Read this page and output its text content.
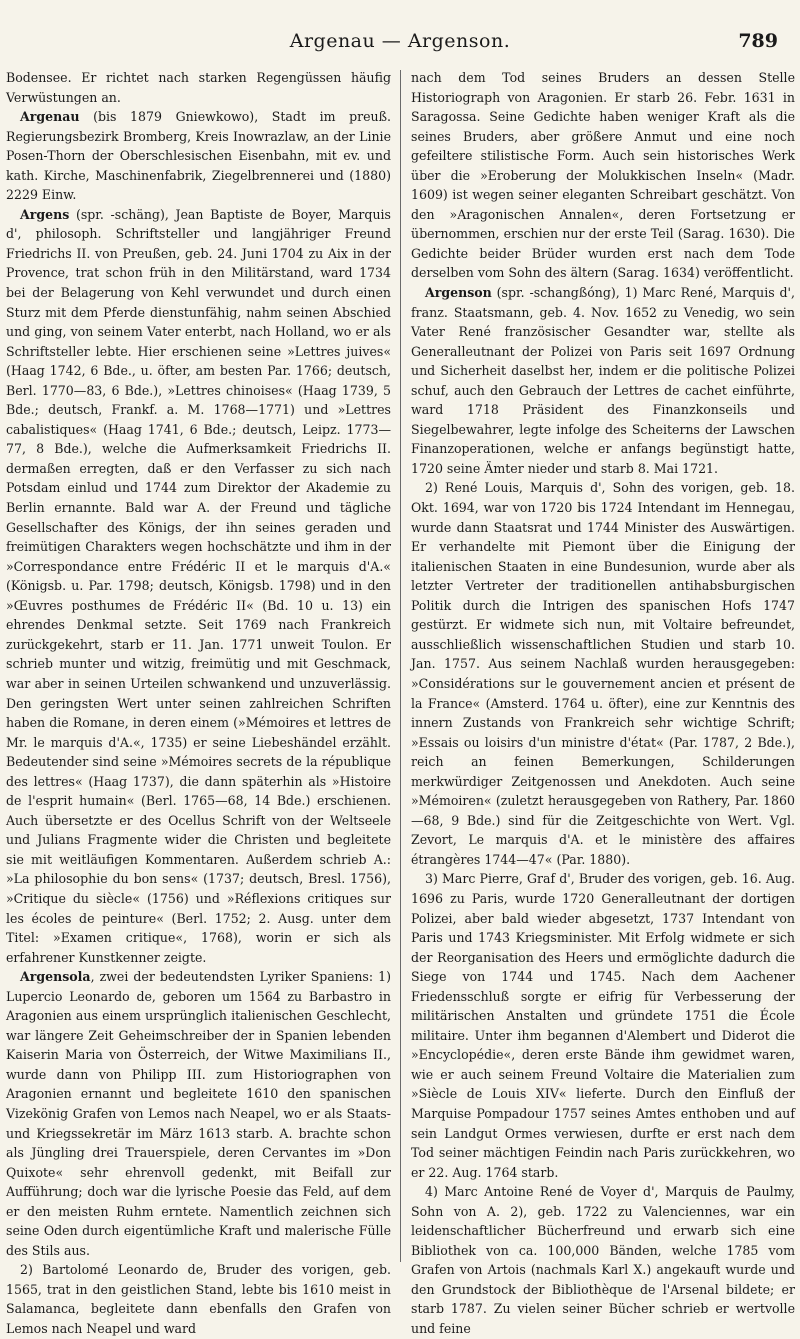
Argenau — Argenson.	789

Bodensee. Er richtet nach starken Regengüssen häufig Verwüstungen an.

Argenau (bis 1879 Gniewkowo), Stadt im preuß. Regierungsbezirk Bromberg, Kreis Inowrazlaw, an der Linie Posen-Thorn der Oberschlesischen Eisenbahn, mit ev. und kath. Kirche, Maschinenfabrik, Ziegelbrennerei und (1880) 2229 Einw.

Argens (spr. -schäng), Jean Baptiste de Boyer, Marquis d', philosoph. Schriftsteller und langjähriger Freund Friedrichs II. von Preußen, geb. 24. Juni 1704 zu Aix in der Provence, trat schon früh in den Militärstand, ward 1734 bei der Belagerung von Kehl verwundet und durch einen Sturz mit dem Pferde dienstunfähig, nahm seinen Abschied und ging, von seinem Vater enterbt, nach Holland, wo er als Schriftsteller lebte. Hier erschienen seine »Lettres juives« (Haag 1742, 6 Bde., u. öfter, am besten Par. 1766; deutsch, Berl. 1770—83, 6 Bde.), »Lettres chinoises« (Haag 1739, 5 Bde.; deutsch, Frankf. a. M. 1768—1771) und »Lettres cabalistiques« (Haag 1741, 6 Bde.; deutsch, Leipz. 1773—77, 8 Bde.), welche die Aufmerksamkeit Friedrichs II. dermaßen erregten, daß er den Verfasser zu sich nach Potsdam einlud und 1744 zum Direktor der Akademie zu Berlin ernannte. Bald war A. der Freund und tägliche Gesellschafter des Königs, der ihn seines geraden und freimütigen Charakters wegen hochschätzte und ihm in der »Correspondance entre Frédéric II et le marquis d'A.« (Königsb. u. Par. 1798; deutsch, Königsb. 1798) und in den »Œuvres posthumes de Frédéric II« (Bd. 10 u. 13) ein ehrendes Denkmal setzte. Seit 1769 nach Frankreich zurückgekehrt, starb er 11. Jan. 1771 unweit Toulon. Er schrieb munter und witzig, freimütig und mit Geschmack, war aber in seinen Urteilen schwankend und unzuverlässig. Den geringsten Wert unter seinen zahlreichen Schriften haben die Romane, in deren einem (»Mémoires et lettres de Mr. le marquis d'A.«, 1735) er seine Liebeshändel erzählt. Bedeutender sind seine »Mémoires secrets de la république des lettres« (Haag 1737), die dann späterhin als »Histoire de l'esprit humain« (Berl. 1765—68, 14 Bde.) erschienen. Auch übersetzte er des Ocellus Schrift von der Weltseele und Julians Fragmente wider die Christen und begleitete sie mit weitläufigen Kommentaren. Außerdem schrieb A.: »La philosophie du bon sens« (1737; deutsch, Bresl. 1756), »Critique du siècle« (1756) und »Réflexions critiques sur les écoles de peinture« (Berl. 1752; 2. Ausg. unter dem Titel: »Examen critique«, 1768), worin er sich als erfahrener Kunstkenner zeigte.

Argensola, zwei der bedeutendsten Lyriker Spaniens: 1) Lupercio Leonardo de, geboren um 1564 zu Barbastro in Aragonien aus einem ursprünglich italienischen Geschlecht, war längere Zeit Geheimschreiber der in Spanien lebenden Kaiserin Maria von Österreich, der Witwe Maximilians II., wurde dann von Philipp III. zum Historiographen von Aragonien ernannt und begleitete 1610 den spanischen Vizekönig Grafen von Lemos nach Neapel, wo er als Staats- und Kriegssekretär im März 1613 starb. A. brachte schon als Jüngling drei Trauerspiele, deren Cervantes im »Don Quixote« sehr ehrenvoll gedenkt, mit Beifall zur Aufführung; doch war die lyrische Poesie das Feld, auf dem er den meisten Ruhm erntete. Namentlich zeichnen sich seine Oden durch eigentümliche Kraft und malerische Fülle des Stils aus.

2) Bartolomé Leonardo de, Bruder des vorigen, geb. 1565, trat in den geistlichen Stand, lebte bis 1610 meist in Salamanca, begleitete dann ebenfalls den Grafen von Lemos nach Neapel und ward

nach dem Tod seines Bruders an dessen Stelle Historiograph von Aragonien. Er starb 26. Febr. 1631 in Saragossa. Seine Gedichte haben weniger Kraft als die seines Bruders, aber größere Anmut und eine noch gefeiltere stilistische Form. Auch sein historisches Werk über die »Eroberung der Molukkischen Inseln« (Madr. 1609) ist wegen seiner eleganten Schreibart geschätzt. Von den »Aragonischen Annalen«, deren Fortsetzung er übernommen, erschien nur der erste Teil (Sarag. 1630). Die Gedichte beider Brüder wurden erst nach dem Tode derselben vom Sohn des ältern (Sarag. 1634) veröffentlicht.

Argenson (spr. -schangßóng), 1) Marc René, Marquis d', franz. Staatsmann, geb. 4. Nov. 1652 zu Venedig, wo sein Vater René französischer Gesandter war, stellte als Generalleutnant der Polizei von Paris seit 1697 Ordnung und Sicherheit daselbst her, indem er die politische Polizei schuf, auch den Gebrauch der Lettres de cachet einführte, ward 1718 Präsident des Finanzkonseils und Siegelbewahrer, legte infolge des Scheiterns der Lawschen Finanzoperationen, welche er anfangs begünstigt hatte, 1720 seine Ämter nieder und starb 8. Mai 1721.

2) René Louis, Marquis d', Sohn des vorigen, geb. 18. Okt. 1694, war von 1720 bis 1724 Intendant im Hennegau, wurde dann Staatsrat und 1744 Minister des Auswärtigen. Er verhandelte mit Piemont über die Einigung der italienischen Staaten in eine Bundesunion, wurde aber als letzter Vertreter der traditionellen antihabsburgischen Politik durch die Intrigen des spanischen Hofs 1747 gestürzt. Er widmete sich nun, mit Voltaire befreundet, ausschließlich wissenschaftlichen Studien und starb 10. Jan. 1757. Aus seinem Nachlaß wurden herausgegeben: »Considérations sur le gouvernement ancien et présent de la France« (Amsterd. 1764 u. öfter), eine zur Kenntnis des innern Zustands von Frankreich sehr wichtige Schrift; »Essais ou loisirs d'un ministre d'état« (Par. 1787, 2 Bde.), reich an feinen Bemerkungen, Schilderungen merkwürdiger Zeitgenossen und Anekdoten. Auch seine »Mémoiren« (zuletzt herausgegeben von Rathery, Par. 1860—68, 9 Bde.) sind für die Zeitgeschichte von Wert. Vgl. Zevort, Le marquis d'A. et le ministère des affaires étrangères 1744—47« (Par. 1880).

3) Marc Pierre, Graf d', Bruder des vorigen, geb. 16. Aug. 1696 zu Paris, wurde 1720 Generalleutnant der dortigen Polizei, aber bald wieder abgesetzt, 1737 Intendant von Paris und 1743 Kriegsminister. Mit Erfolg widmete er sich der Reorganisation des Heers und ermöglichte dadurch die Siege von 1744 und 1745. Nach dem Aachener Friedensschluß sorgte er eifrig für Verbesserung der militärischen Anstalten und gründete 1751 die École militaire. Unter ihm begannen d'Alembert und Diderot die »Encyclopédie«, deren erste Bände ihm gewidmet waren, wie er auch seinem Freund Voltaire die Materialien zum »Siècle de Louis XIV« lieferte. Durch den Einfluß der Marquise Pompadour 1757 seines Amtes enthoben und auf sein Landgut Ormes verwiesen, durfte er erst nach dem Tod seiner mächtigen Feindin nach Paris zurückkehren, wo er 22. Aug. 1764 starb.

4) Marc Antoine René de Voyer d', Marquis de Paulmy, Sohn von A. 2), geb. 1722 zu Valenciennes, war ein leidenschaftlicher Bücherfreund und erwarb sich eine Bibliothek von ca. 100,000 Bänden, welche 1785 vom Grafen von Artois (nachmals Karl X.) angekauft wurde und den Grundstock der Bibliothèque de l'Arsenal bildete; er starb 1787. Zu vielen seiner Bücher schrieb er wertvolle und feine
